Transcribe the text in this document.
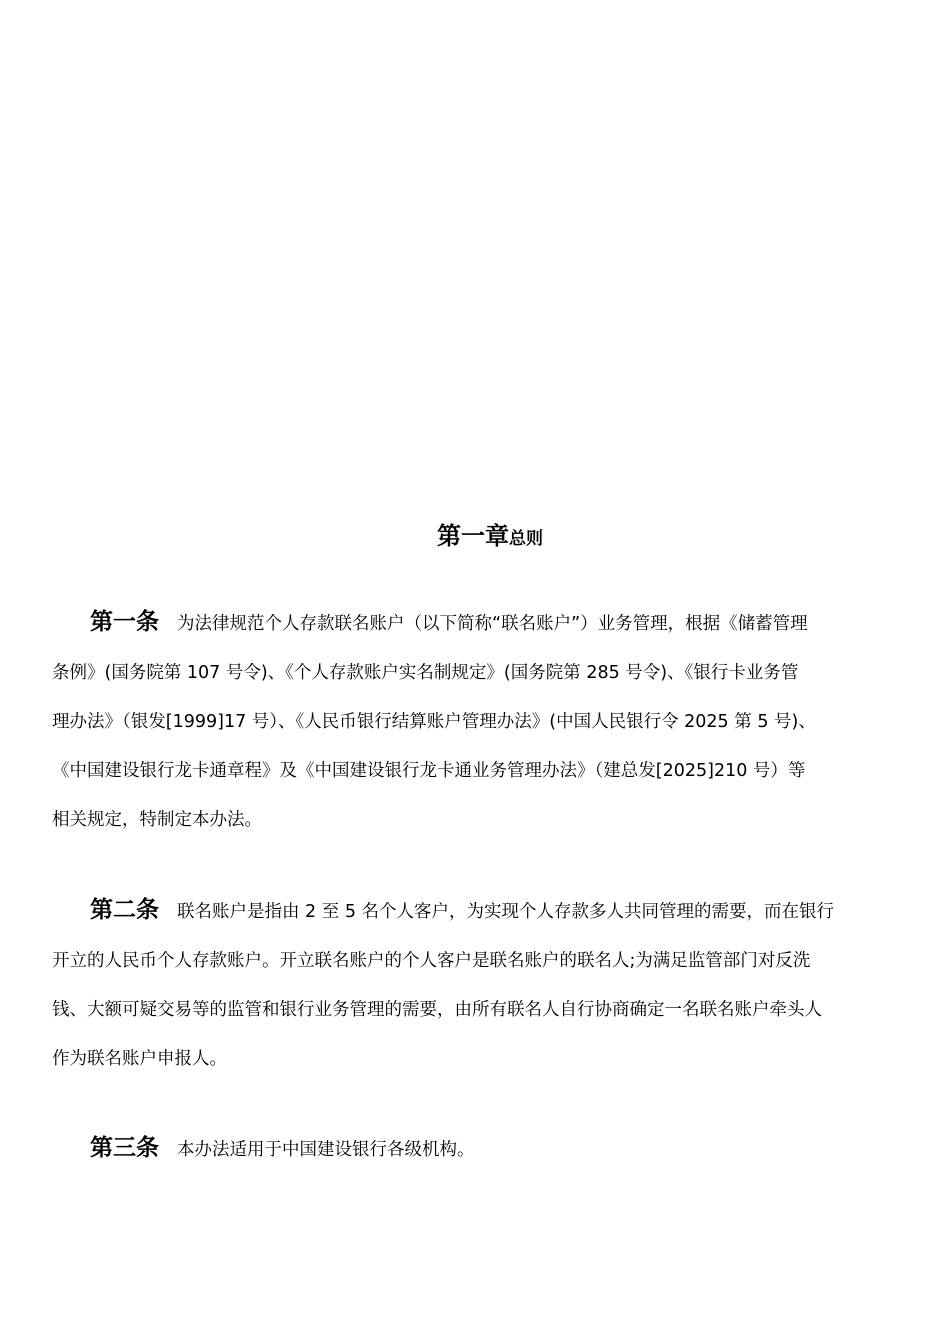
第一章总则

第一条 为法律规范个人存款联名账户（以下简称“联名账户”）业务管理，根据《储蓄管理
条例》(国务院第 107 号令)、《个人存款账户实名制规定》(国务院第 285 号令)、《银行卡业务管
理办法》（银发[1999]17 号）、《人民币银行结算账户管理办法》(中国人民银行令 2025 第 5 号)、
《中国建设银行龙卡通章程》及《中国建设银行龙卡通业务管理办法》（建总发[2025]210 号）等
相关规定，特制定本办法。

第二条 联名账户是指由 2 至 5 名个人客户，为实现个人存款多人共同管理的需要，而在银行
开立的人民币个人存款账户。开立联名账户的个人客户是联名账户的联名人;为满足监管部门对反洗
钱、大额可疑交易等的监管和银行业务管理的需要，由所有联名人自行协商确定一名联名账户牵头人
作为联名账户申报人。

第三条 本办法适用于中国建设银行各级机构。
